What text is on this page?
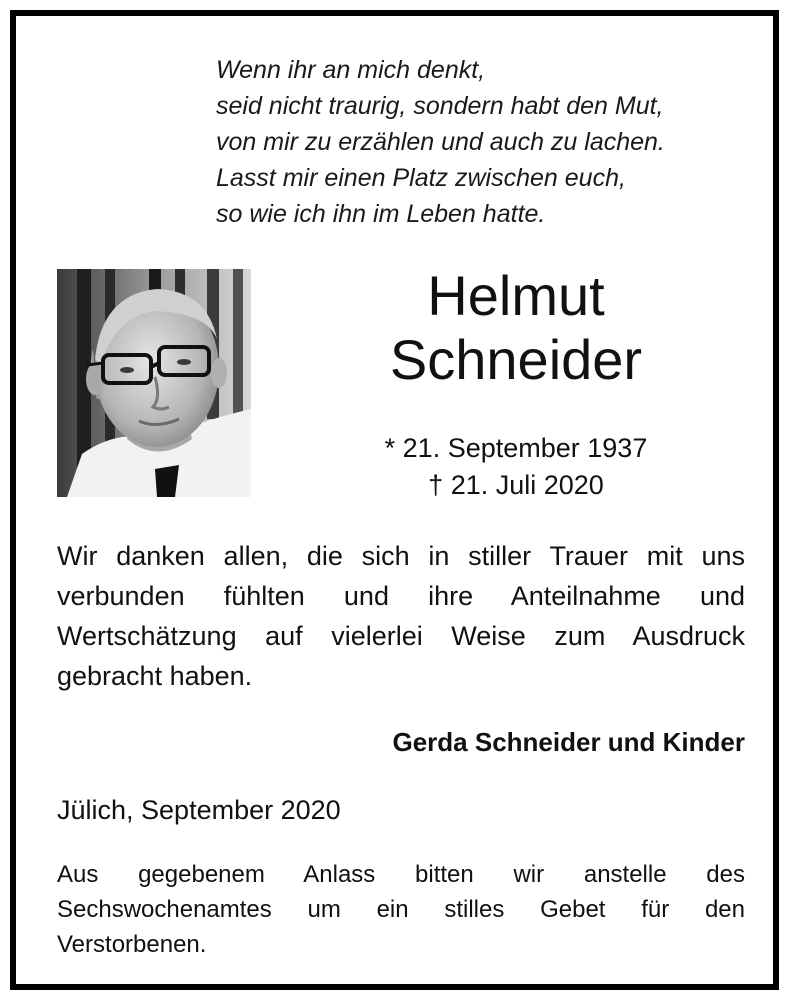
Wenn ihr an mich denkt,
seid nicht traurig, sondern habt den Mut,
von mir zu erzählen und auch zu lachen.
Lasst mir einen Platz zwischen euch,
so wie ich ihn im Leben hatte.
Helmut
Schneider
* 21. September 1937
† 21. Juli 2020
Wir danken allen, die sich in stiller Trauer mit uns
verbunden fühlten und ihre Anteilnahme und
Wertschätzung auf vielerlei Weise zum Ausdruck
gebracht haben.
Gerda Schneider und Kinder
Jülich, September 2020
Aus gegebenem Anlass bitten wir anstelle des
Sechswochenamtes um ein stilles Gebet für den
Verstorbenen.
